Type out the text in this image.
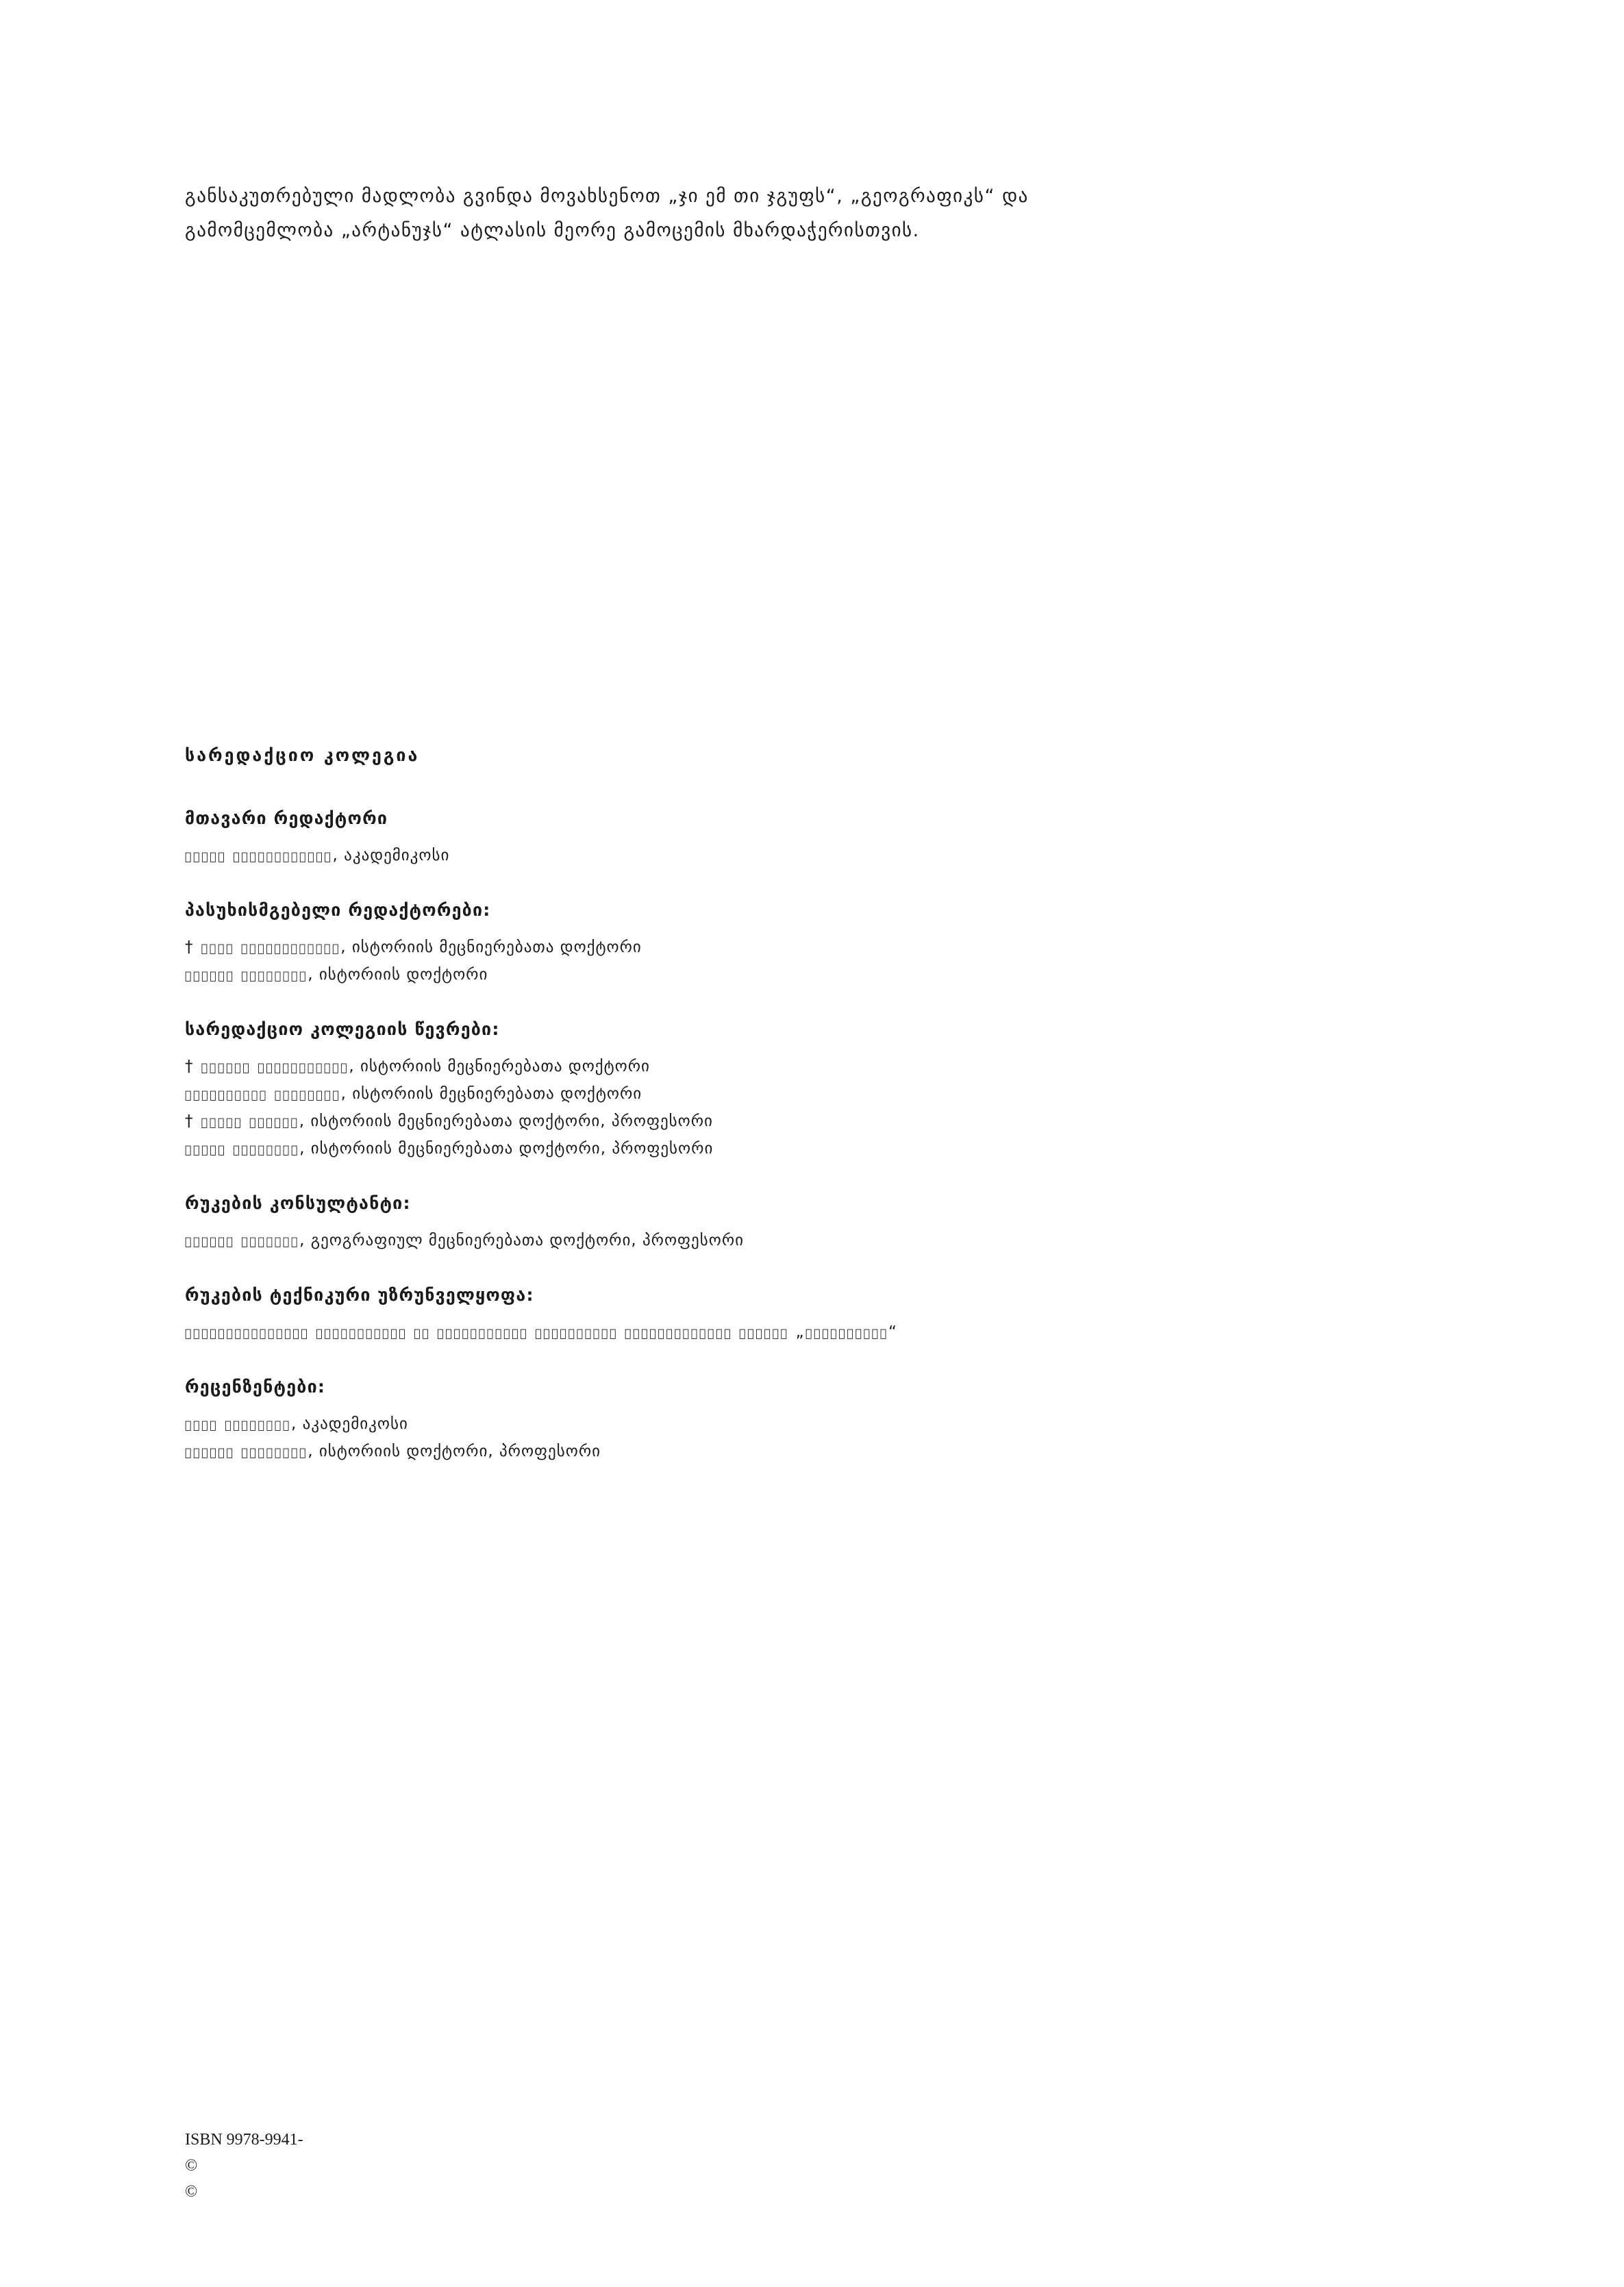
განსაკუთრებული მადლობა გვინდა მოვახსენოთ „ჯი ემ თი ჯგუფს“, „გეოგრაფიკს“ და

გამომცემლობა „არტანუჯს“ ატლასის მეორე გამოცემის მხარდაჭერისთვის.

სარედაქციო კოლეგია
მთავარი რედაქტორი

დავით მუსხელიშვილი, აკადემიკოსი

პასუხისმგებელი რედაქტორები:

† დევი ბერძენიშვილი, ისტორიის მეცნიერებათა დოქტორი

გიორგი ჭეიშვილი, ისტორიის დოქტორი

სარედაქციო კოლეგიის წევრები:

† მამისა ბერძნიშვილი, ისტორიის მეცნიერებათა დოქტორი

ალექსანდრე დაუშვილი, ისტორიის მეცნიერებათა დოქტორი

† თამაზ ბერაძე, ისტორიის მეცნიერებათა დოქტორი, პროფესორი

გურამ გრიგოლია, ისტორიის მეცნიერებათა დოქტორი, პროფესორი

რუკების კონსულტანტი:

ჯანსუღ კეკელია, გეოგრაფიულ მეცნიერებათა დოქტორი, პროფესორი

რუკების ტექნიკური უზრუნველყოფა:

გეოსაინფორმაციო სისტემებისა და დისტანციური ზონდირების საკონსულტაციო ცენტრი „გეოგრაფიკი“

რეცენზენტები:

ნანა ხაზარაძე, აკადემიკოსი

ვალერი ვაშაკიძე, ისტორიის დოქტორი, პროფესორი

ISBN 9978-9941-
©
©
